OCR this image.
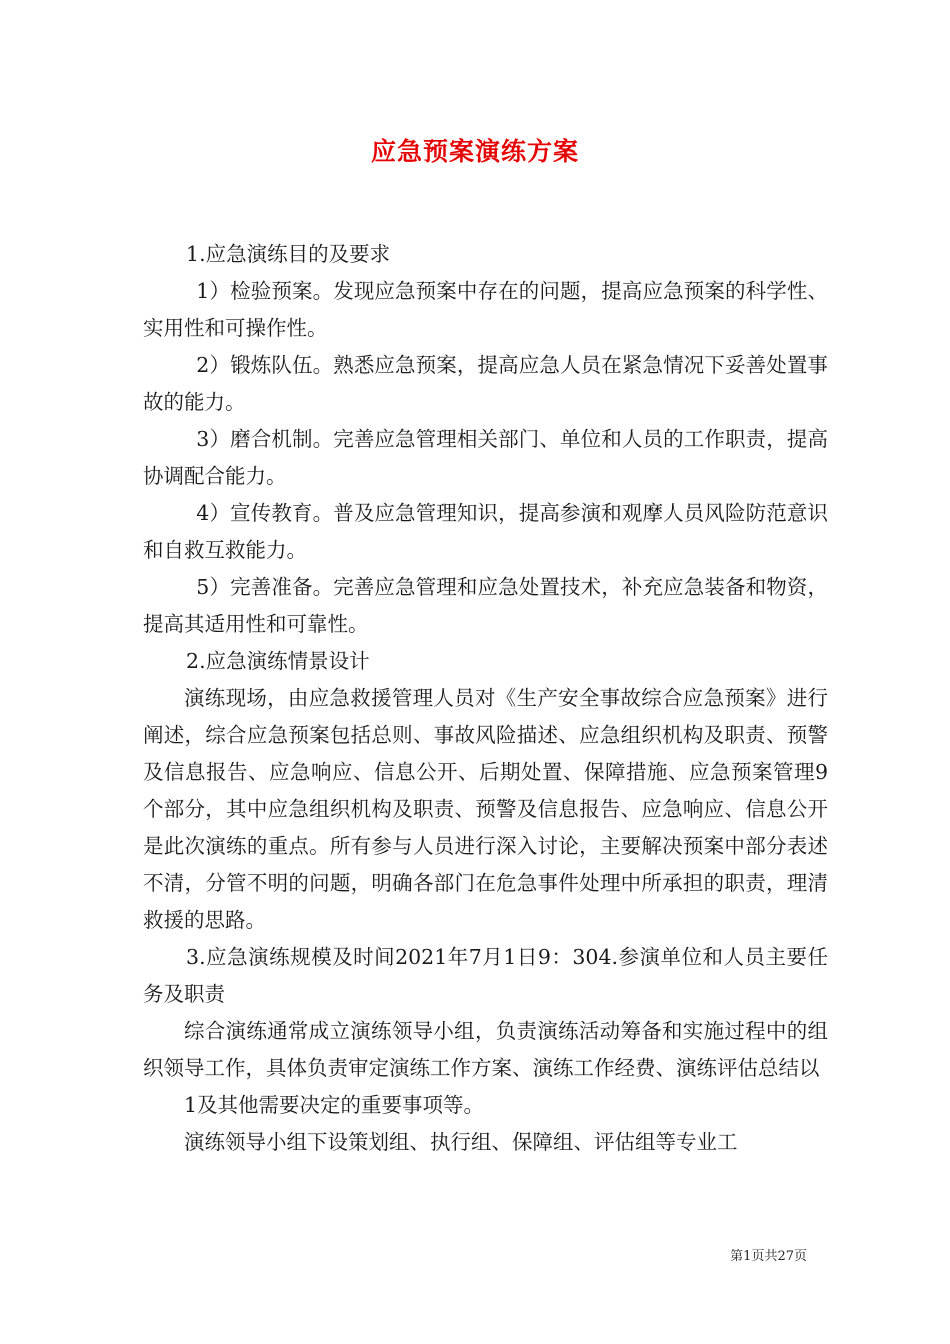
应急预案演练方案

1.应急演练目的及要求

1）检验预案。发现应急预案中存在的问题，提高应急预案的科学性、实用性和可操作性。

2）锻炼队伍。熟悉应急预案，提高应急人员在紧急情况下妥善处置事故的能力。

3）磨合机制。完善应急管理相关部门、单位和人员的工作职责，提高协调配合能力。

4）宣传教育。普及应急管理知识，提高参演和观摩人员风险防范意识和自救互救能力。

5）完善准备。完善应急管理和应急处置技术，补充应急装备和物资，提高其适用性和可靠性。

2.应急演练情景设计

演练现场，由应急救援管理人员对《生产安全事故综合应急预案》进行阐述，综合应急预案包括总则、事故风险描述、应急组织机构及职责、预警及信息报告、应急响应、信息公开、后期处置、保障措施、应急预案管理9个部分，其中应急组织机构及职责、预警及信息报告、应急响应、信息公开是此次演练的重点。所有参与人员进行深入讨论，主要解决预案中部分表述不清，分管不明的问题，明确各部门在危急事件处理中所承担的职责，理清救援的思路。

3.应急演练规模及时间2021年7月1日9：304.参演单位和人员主要任务及职责

综合演练通常成立演练领导小组，负责演练活动筹备和实施过程中的组织领导工作，具体负责审定演练工作方案、演练工作经费、演练评估总结以

1及其他需要决定的重要事项等。

演练领导小组下设策划组、执行组、保障组、评估组等专业工

第1页共27页
